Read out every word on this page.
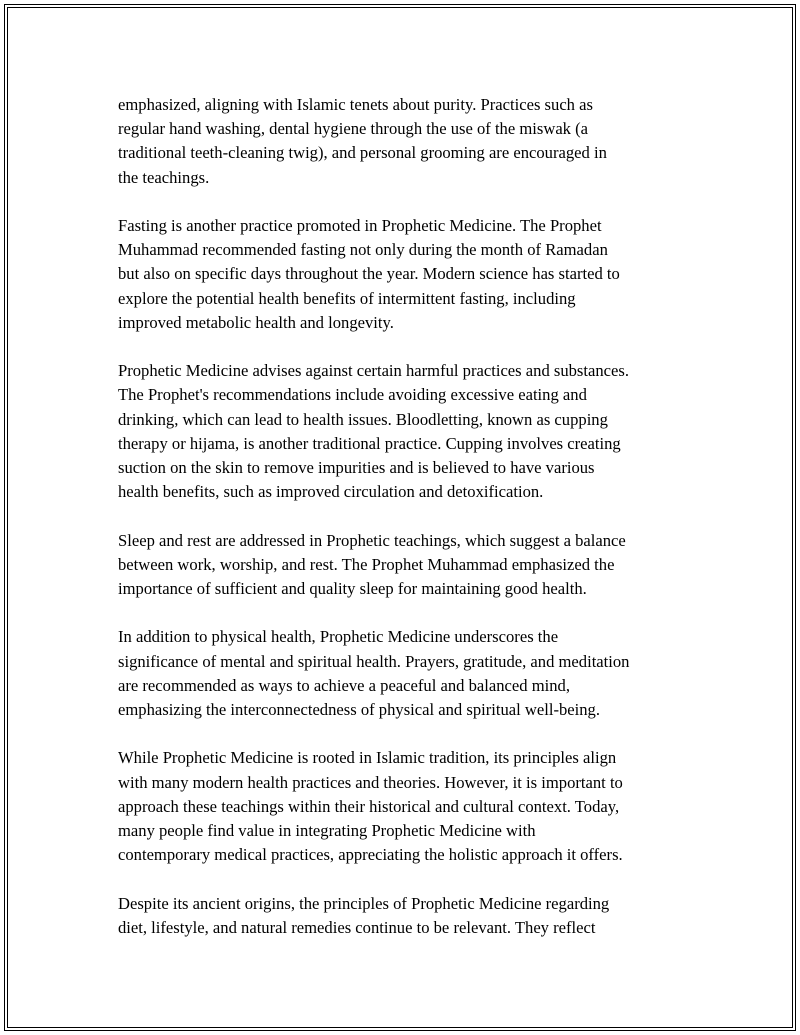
emphasized, aligning with Islamic tenets about purity. Practices such as
regular hand washing, dental hygiene through the use of the miswak (a
traditional teeth-cleaning twig), and personal grooming are encouraged in
the teachings.

Fasting is another practice promoted in Prophetic Medicine. The Prophet
Muhammad recommended fasting not only during the month of Ramadan
but also on specific days throughout the year. Modern science has started to
explore the potential health benefits of intermittent fasting, including
improved metabolic health and longevity.

Prophetic Medicine advises against certain harmful practices and substances.
The Prophet's recommendations include avoiding excessive eating and
drinking, which can lead to health issues. Bloodletting, known as cupping
therapy or hijama, is another traditional practice. Cupping involves creating
suction on the skin to remove impurities and is believed to have various
health benefits, such as improved circulation and detoxification.

Sleep and rest are addressed in Prophetic teachings, which suggest a balance
between work, worship, and rest. The Prophet Muhammad emphasized the
importance of sufficient and quality sleep for maintaining good health.

In addition to physical health, Prophetic Medicine underscores the
significance of mental and spiritual health. Prayers, gratitude, and meditation
are recommended as ways to achieve a peaceful and balanced mind,
emphasizing the interconnectedness of physical and spiritual well-being.

While Prophetic Medicine is rooted in Islamic tradition, its principles align
with many modern health practices and theories. However, it is important to
approach these teachings within their historical and cultural context. Today,
many people find value in integrating Prophetic Medicine with
contemporary medical practices, appreciating the holistic approach it offers.

Despite its ancient origins, the principles of Prophetic Medicine regarding
diet, lifestyle, and natural remedies continue to be relevant. They reflect
